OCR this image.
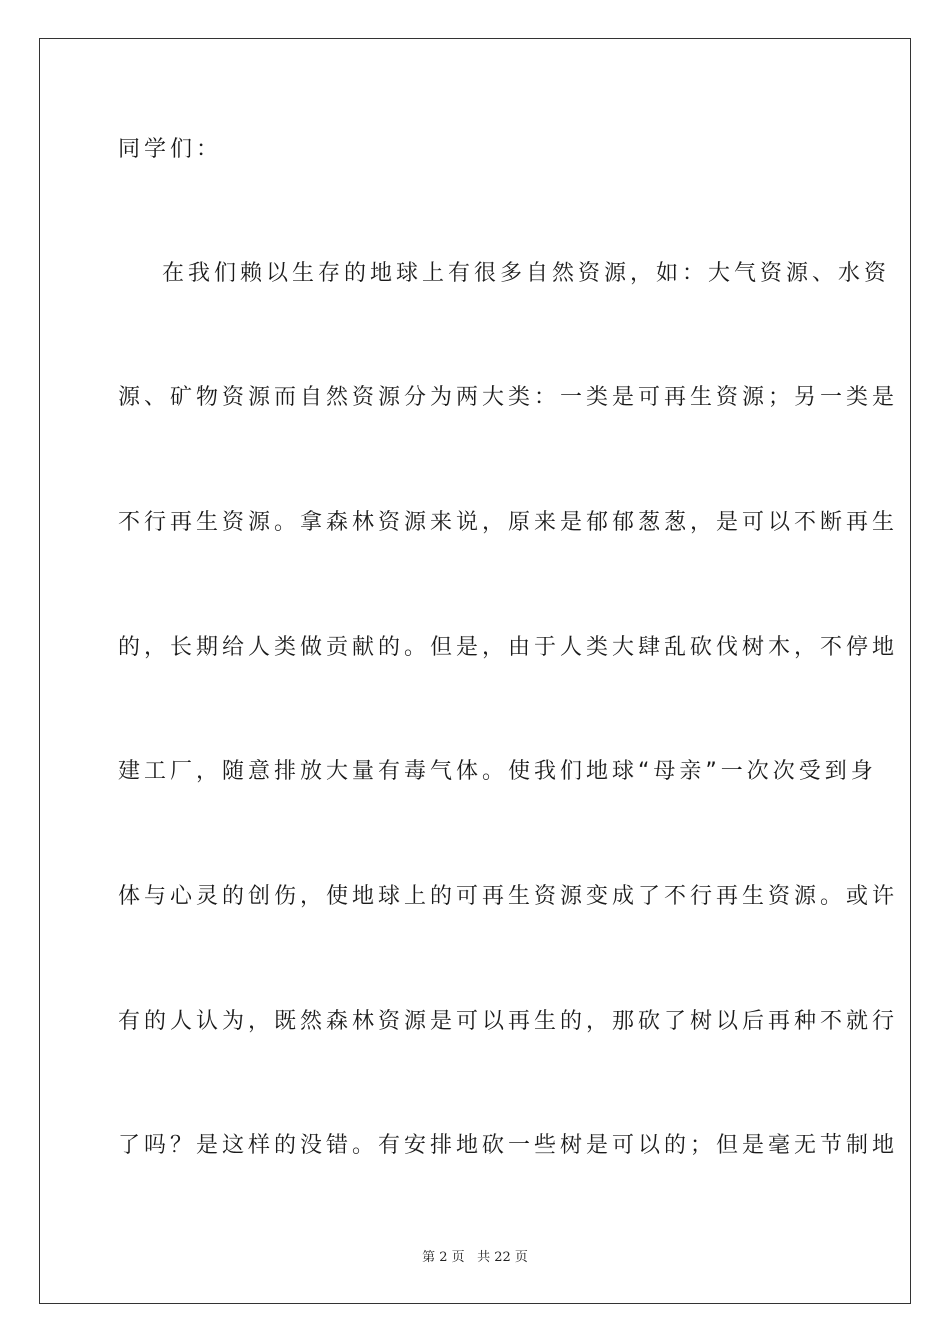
同学们：
在我们赖以生存的地球上有很多自然资源，如：大气资源、水资
源、矿物资源而自然资源分为两大类：一类是可再生资源；另一类是
不行再生资源。拿森林资源来说，原来是郁郁葱葱，是可以不断再生
的，长期给人类做贡献的。但是，由于人类大肆乱砍伐树木，不停地
建工厂，随意排放大量有毒气体。使我们地球“母亲”一次次受到身
体与心灵的创伤，使地球上的可再生资源变成了不行再生资源。或许
有的人认为，既然森林资源是可以再生的，那砍了树以后再种不就行
了吗？是这样的没错。有安排地砍一些树是可以的；但是毫无节制地
第 2 页 共 22 页
